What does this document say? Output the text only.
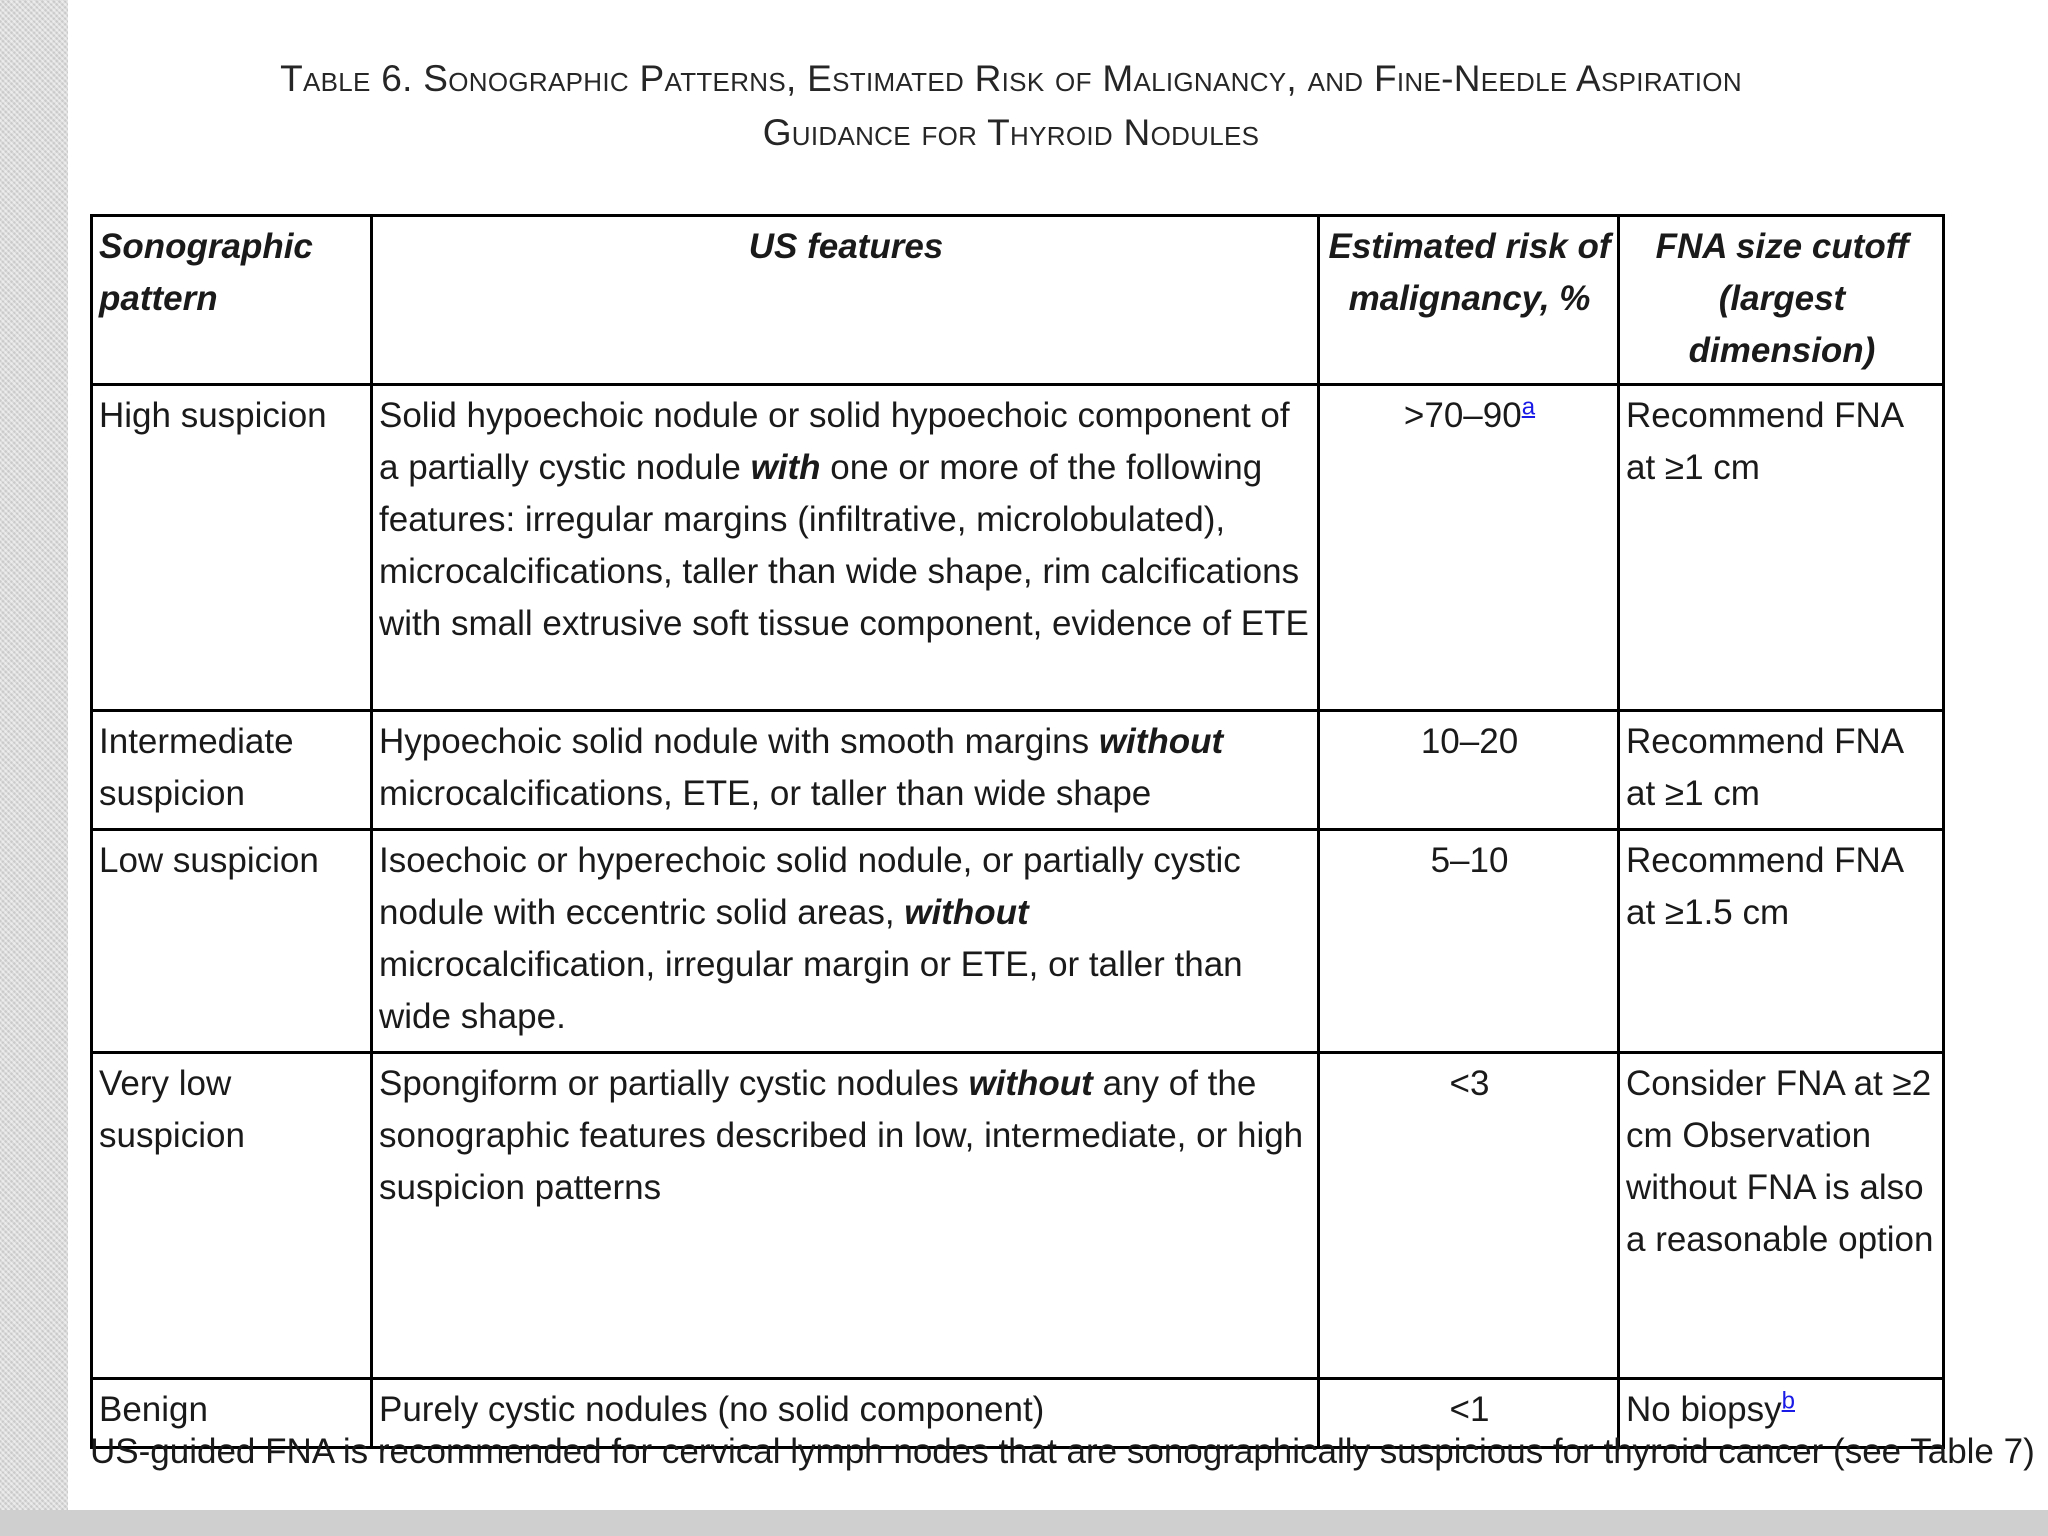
Table 6. Sonographic Patterns, Estimated Risk of Malignancy, and Fine-Needle Aspiration
Guidance for Thyroid Nodules
Sonographic pattern	US features	Estimated risk of malignancy, %	FNA size cutoff (largest dimension)
High suspicion	Solid hypoechoic nodule or solid hypoechoic component of a partially cystic nodule with one or more of the following features: irregular margins (infiltrative, microlobulated), microcalcifications, taller than wide shape, rim calcifications with small extrusive soft tissue component, evidence of ETE	>70–90$^a$	Recommend FNA at ≥1 cm
Intermediate suspicion	Hypoechoic solid nodule with smooth margins without microcalcifications, ETE, or taller than wide shape	10–20	Recommend FNA at ≥1 cm
Low suspicion	Isoechoic or hyperechoic solid nodule, or partially cystic nodule with eccentric solid areas, without microcalcification, irregular margin or ETE, or taller than wide shape.	5–10	Recommend FNA at ≥1.5 cm
Very low suspicion	Spongiform or partially cystic nodules without any of the sonographic features described in low, intermediate, or high suspicion patterns	<3	Consider FNA at ≥2 cm Observation without FNA is also a reasonable option
Benign	Purely cystic nodules (no solid component)	<1	No biopsy$^b$
US-guided FNA is recommended for cervical lymph nodes that are sonographically suspicious for thyroid cancer (see Table 7)
